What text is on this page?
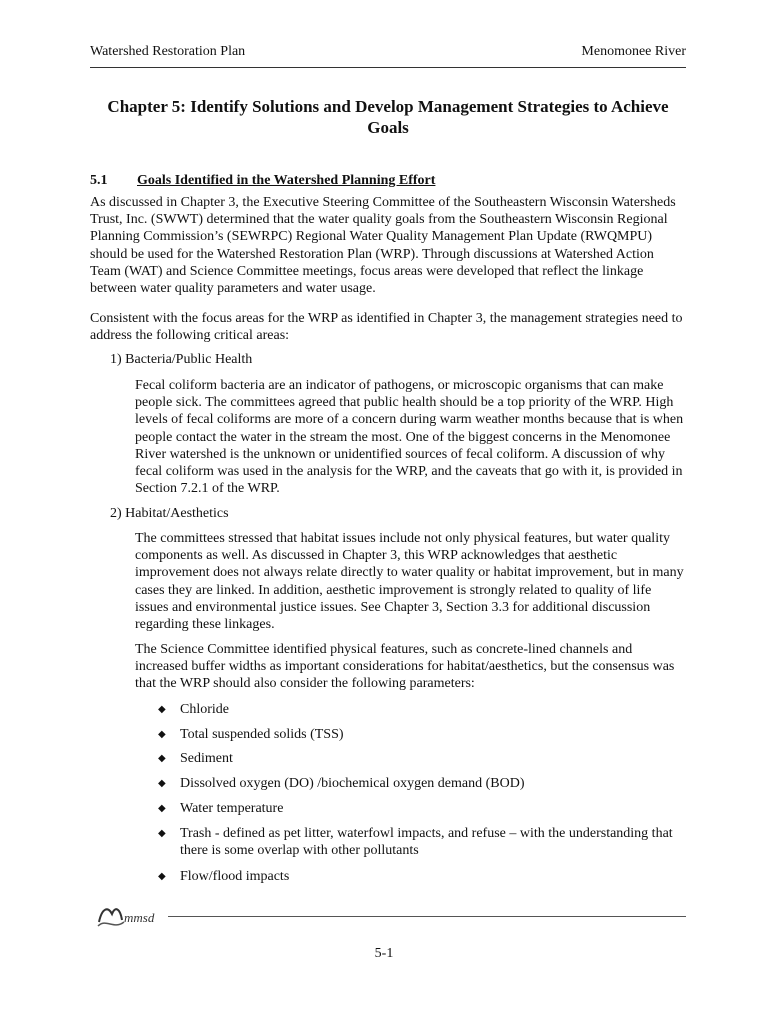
Watershed Restoration Plan	Menomonee River
Chapter 5: Identify Solutions and Develop Management Strategies to Achieve Goals
5.1	Goals Identified in the Watershed Planning Effort

As discussed in Chapter 3, the Executive Steering Committee of the Southeastern Wisconsin Watersheds Trust, Inc. (SWWT) determined that the water quality goals from the Southeastern Wisconsin Regional Planning Commission’s (SEWRPC) Regional Water Quality Management Plan Update (RWQMPU) should be used for the Watershed Restoration Plan (WRP). Through discussions at Watershed Action Team (WAT) and Science Committee meetings, focus areas were developed that reflect the linkage between water quality parameters and water usage.

Consistent with the focus areas for the WRP as identified in Chapter 3, the management strategies need to address the following critical areas:

1) Bacteria/Public Health

Fecal coliform bacteria are an indicator of pathogens, or microscopic organisms that can make people sick. The committees agreed that public health should be a top priority of the WRP. High levels of fecal coliforms are more of a concern during warm weather months because that is when people contact the water in the stream the most. One of the biggest concerns in the Menomonee River watershed is the unknown or unidentified sources of fecal coliform. A discussion of why fecal coliform was used in the analysis for the WRP, and the caveats that go with it, is provided in Section 7.2.1 of the WRP.

2) Habitat/Aesthetics

The committees stressed that habitat issues include not only physical features, but water quality components as well. As discussed in Chapter 3, this WRP acknowledges that aesthetic improvement does not always relate directly to water quality or habitat improvement, but in many cases they are linked. In addition, aesthetic improvement is strongly related to quality of life issues and environmental justice issues. See Chapter 3, Section 3.3 for additional discussion regarding these linkages.

The Science Committee identified physical features, such as concrete-lined channels and increased buffer widths as important considerations for habitat/aesthetics, but the consensus was that the WRP should also consider the following parameters:

◆	Chloride
◆	Total suspended solids (TSS)
◆	Sediment
◆	Dissolved oxygen (DO) /biochemical oxygen demand (BOD)
◆	Water temperature
◆	Trash - defined as pet litter, waterfowl impacts, and refuse – with the understanding that there is some overlap with other pollutants
◆	Flow/flood impacts
mmsd
5-1
